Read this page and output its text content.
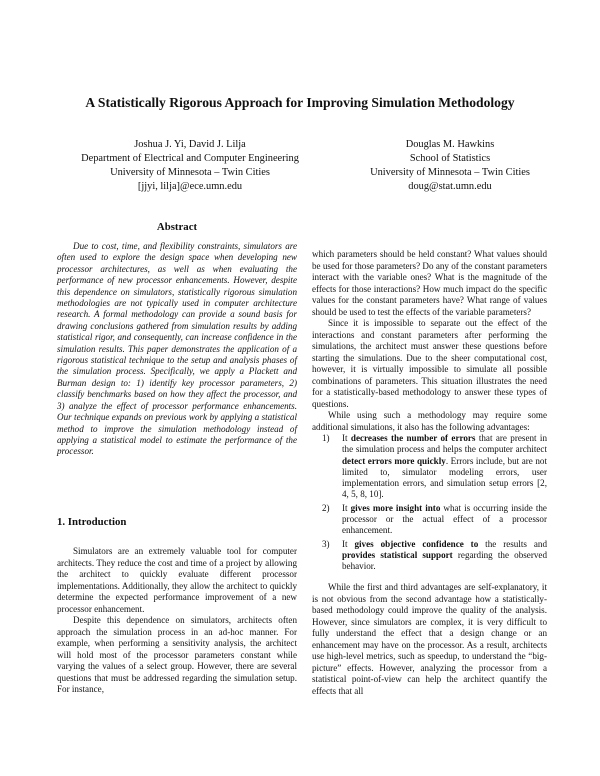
A Statistically Rigorous Approach for Improving Simulation Methodology
Joshua J. Yi, David J. Lilja
Department of Electrical and Computer Engineering
University of Minnesota – Twin Cities
[jjyi, lilja]@ece.umn.edu
Douglas M. Hawkins
School of Statistics
University of Minnesota – Twin Cities
doug@stat.umn.edu
Abstract
Due to cost, time, and flexibility constraints, simulators are often used to explore the design space when developing new processor architectures, as well as when evaluating the performance of new processor enhancements. However, despite this dependence on simulators, statistically rigorous simulation methodologies are not typically used in computer architecture research. A formal methodology can provide a sound basis for drawing conclusions gathered from simulation results by adding statistical rigor, and consequently, can increase confidence in the simulation results. This paper demonstrates the application of a rigorous statistical technique to the setup and analysis phases of the simulation process. Specifically, we apply a Plackett and Burman design to: 1) identify key processor parameters, 2) classify benchmarks based on how they affect the processor, and 3) analyze the effect of processor performance enhancements. Our technique expands on previous work by applying a statistical method to improve the simulation methodology instead of applying a statistical model to estimate the performance of the processor.
1. Introduction

Simulators are an extremely valuable tool for computer architects. They reduce the cost and time of a project by allowing the architect to quickly evaluate different processor implementations. Additionally, they allow the architect to quickly determine the expected performance improvement of a new processor enhancement.

Despite this dependence on simulators, architects often approach the simulation process in an ad-hoc manner. For example, when performing a sensitivity analysis, the architect will hold most of the processor parameters constant while varying the values of a select group. However, there are several questions that must be addressed regarding the simulation setup. For instance,

which parameters should be held constant? What values should be used for those parameters? Do any of the constant parameters interact with the variable ones? What is the magnitude of the effects for those interactions? How much impact do the specific values for the constant parameters have? What range of values should be used to test the effects of the variable parameters?

Since it is impossible to separate out the effect of the interactions and constant parameters after performing the simulations, the architect must answer these questions before starting the simulations. Due to the sheer computational cost, however, it is virtually impossible to simulate all possible combinations of parameters. This situation illustrates the need for a statistically-based methodology to answer these types of questions.

While using such a methodology may require some additional simulations, it also has the following advantages:

1) It decreases the number of errors that are present in the simulation process and helps the computer architect detect errors more quickly. Errors include, but are not limited to, simulator modeling errors, user implementation errors, and simulation setup errors [2, 4, 5, 8, 10].
2) It gives more insight into what is occurring inside the processor or the actual effect of a processor enhancement.
3) It gives objective confidence to the results and provides statistical support regarding the observed behavior.

While the first and third advantages are self-explanatory, it is not obvious from the second advantage how a statistically-based methodology could improve the quality of the analysis. However, since simulators are complex, it is very difficult to fully understand the effect that a design change or an enhancement may have on the processor. As a result, architects use high-level metrics, such as speedup, to understand the “big-picture” effects. However, analyzing the processor from a statistical point-of-view can help the architect quantify the effects that all
